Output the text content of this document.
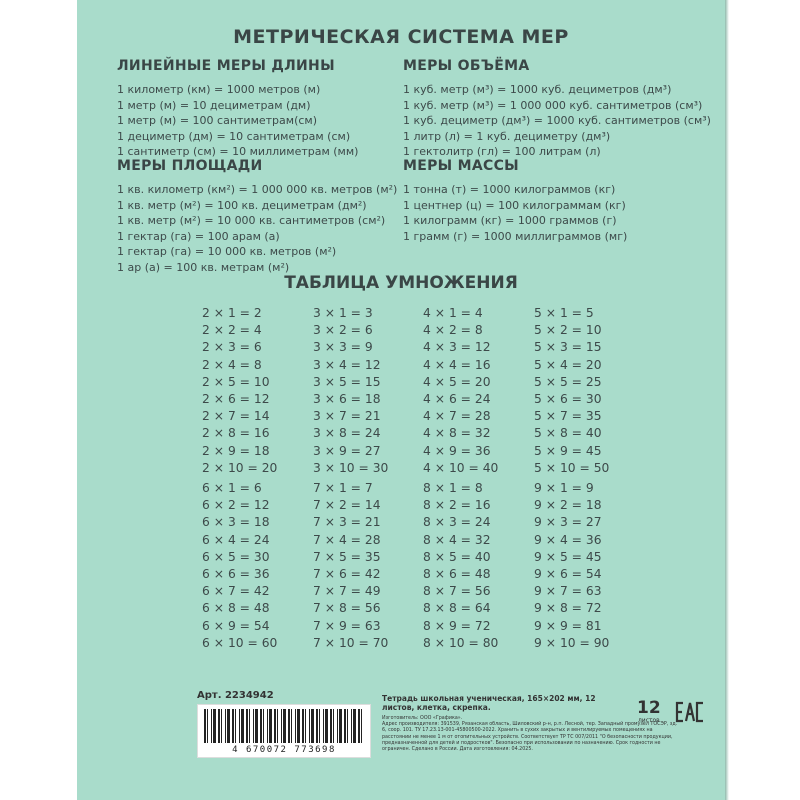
МЕТРИЧЕСКАЯ СИСТЕМА МЕР
ЛИНЕЙНЫЕ МЕРЫ ДЛИНЫ
1 километр (км) = 1000 метров (м)
1 метр (м) = 10 дециметрам (дм)
1 метр (м) = 100 сантиметрам(см)
1 дециметр (дм) = 10 сантиметрам (см)
1 сантиметр (см) = 10 миллиметрам (мм)
МЕРЫ ОБЪЁМА
1 куб. метр (м³) = 1000 куб. дециметров (дм³)
1 куб. метр (м³) = 1 000 000 куб. сантиметров (см³)
1 куб. дециметр (дм³) = 1000 куб. сантиметров (см³)
1 литр (л) = 1 куб. дециметру (дм³)
1 гектолитр (гл) = 100 литрам (л)
МЕРЫ ПЛОЩАДИ
1 кв. километр (км²) = 1 000 000 кв. метров (м²)
1 кв. метр (м²) = 100 кв. дециметрам (дм²)
1 кв. метр (м²) = 10 000 кв. сантиметров (см²)
1 гектар (га) = 100 арам (а)
1 гектар (га) = 10 000 кв. метров (м²)
1 ар (а) = 100 кв. метрам (м²)
МЕРЫ МАССЫ
1 тонна (т) = 1000 килограммов (кг)
1 центнер (ц) = 100 килограммам (кг)
1 килограмм (кг) = 1000 граммов (г)
1 грамм (г) = 1000 миллиграммов (мг)
ТАБЛИЦА УМНОЖЕНИЯ
2 × 1 = 2
2 × 2 = 4
2 × 3 = 6
2 × 4 = 8
2 × 5 = 10
2 × 6 = 12
2 × 7 = 14
2 × 8 = 16
2 × 9 = 18
2 × 10 = 20
3 × 1 = 3
3 × 2 = 6
3 × 3 = 9
3 × 4 = 12
3 × 5 = 15
3 × 6 = 18
3 × 7 = 21
3 × 8 = 24
3 × 9 = 27
3 × 10 = 30
4 × 1 = 4
4 × 2 = 8
4 × 3 = 12
4 × 4 = 16
4 × 5 = 20
4 × 6 = 24
4 × 7 = 28
4 × 8 = 32
4 × 9 = 36
4 × 10 = 40
5 × 1 = 5
5 × 2 = 10
5 × 3 = 15
5 × 4 = 20
5 × 5 = 25
5 × 6 = 30
5 × 7 = 35
5 × 8 = 40
5 × 9 = 45
5 × 10 = 50
6 × 1 = 6
6 × 2 = 12
6 × 3 = 18
6 × 4 = 24
6 × 5 = 30
6 × 6 = 36
6 × 7 = 42
6 × 8 = 48
6 × 9 = 54
6 × 10 = 60
7 × 1 = 7
7 × 2 = 14
7 × 3 = 21
7 × 4 = 28
7 × 5 = 35
7 × 6 = 42
7 × 7 = 49
7 × 8 = 56
7 × 9 = 63
7 × 10 = 70
8 × 1 = 8
8 × 2 = 16
8 × 3 = 24
8 × 4 = 32
8 × 5 = 40
8 × 6 = 48
8 × 7 = 56
8 × 8 = 64
8 × 9 = 72
8 × 10 = 80
9 × 1 = 9
9 × 2 = 18
9 × 3 = 27
9 × 4 = 36
9 × 5 = 45
9 × 6 = 54
9 × 7 = 63
9 × 8 = 72
9 × 9 = 81
9 × 10 = 90
Арт. 2234942
4 670072 773698
Тетрадь школьная ученическая, 165×202 мм, 12 листов, клетка, скрепка.
Изготовитель: ООО «Графика».
Адрес производителя: 391539, Рязанская область, Шиловский р-н, р.п. Лесной, тер. Западный промузел ТОСЭР, зд. 6, соор. 101. ТУ 17.23.13-001-45800500-2022. Хранить в сухих закрытых и вентилируемых помещениях на расстоянии не менее 1 м от отопительных устройств. Соответствует ТР ТС 007/2011 "О безопасности продукции, предназначенной для детей и подростков". Безопасно при использовании по назначению. Срок годности не ограничен. Сделано в России. Дата изготовления: 04.2025.
12
листов
